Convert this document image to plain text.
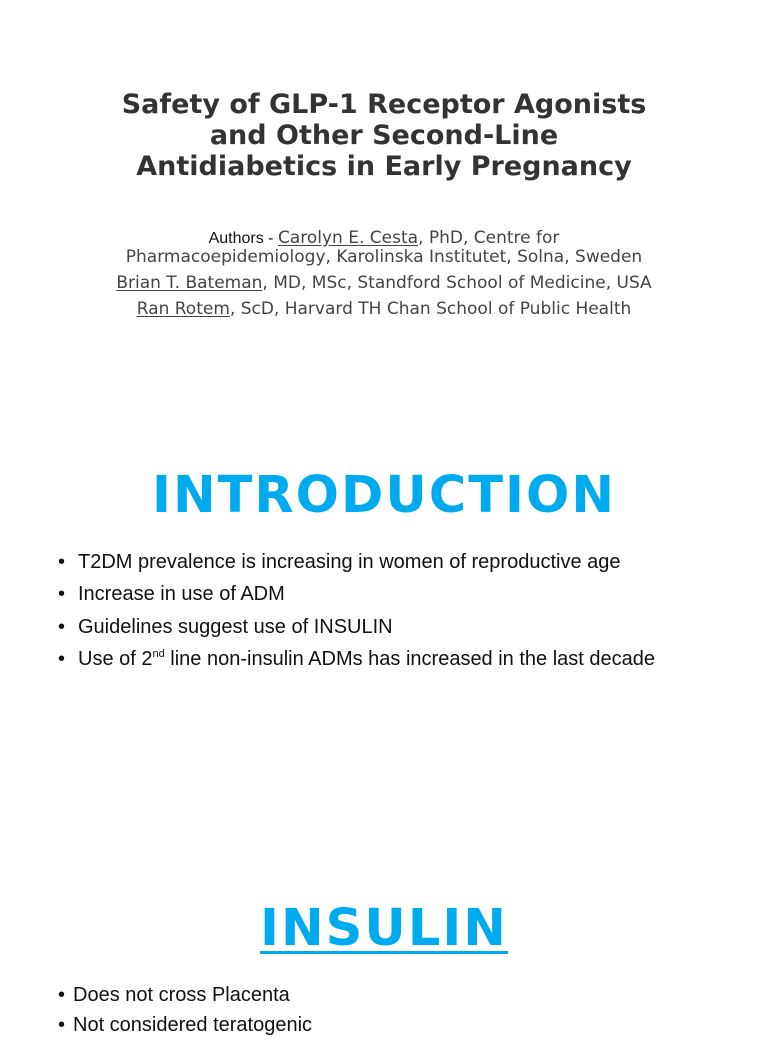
Safety of GLP-1 Receptor Agonists
and Other Second-Line
Antidiabetics in Early Pregnancy
Authors - Carolyn E. Cesta, PhD, Centre for
Pharmacoepidemiology, Karolinska Institutet, Solna, Sweden
Brian T. Bateman, MD, MSc, Standford School of Medicine, USA
Ran Rotem, ScD, Harvard TH Chan School of Public Health
INTRODUCTION
• T2DM prevalence is increasing in women of reproductive age
• Increase in use of ADM
• Guidelines suggest use of INSULIN
• Use of 2nd line non-insulin ADMs has increased in the last decade
INSULIN
• Does not cross Placenta
• Not considered teratogenic
